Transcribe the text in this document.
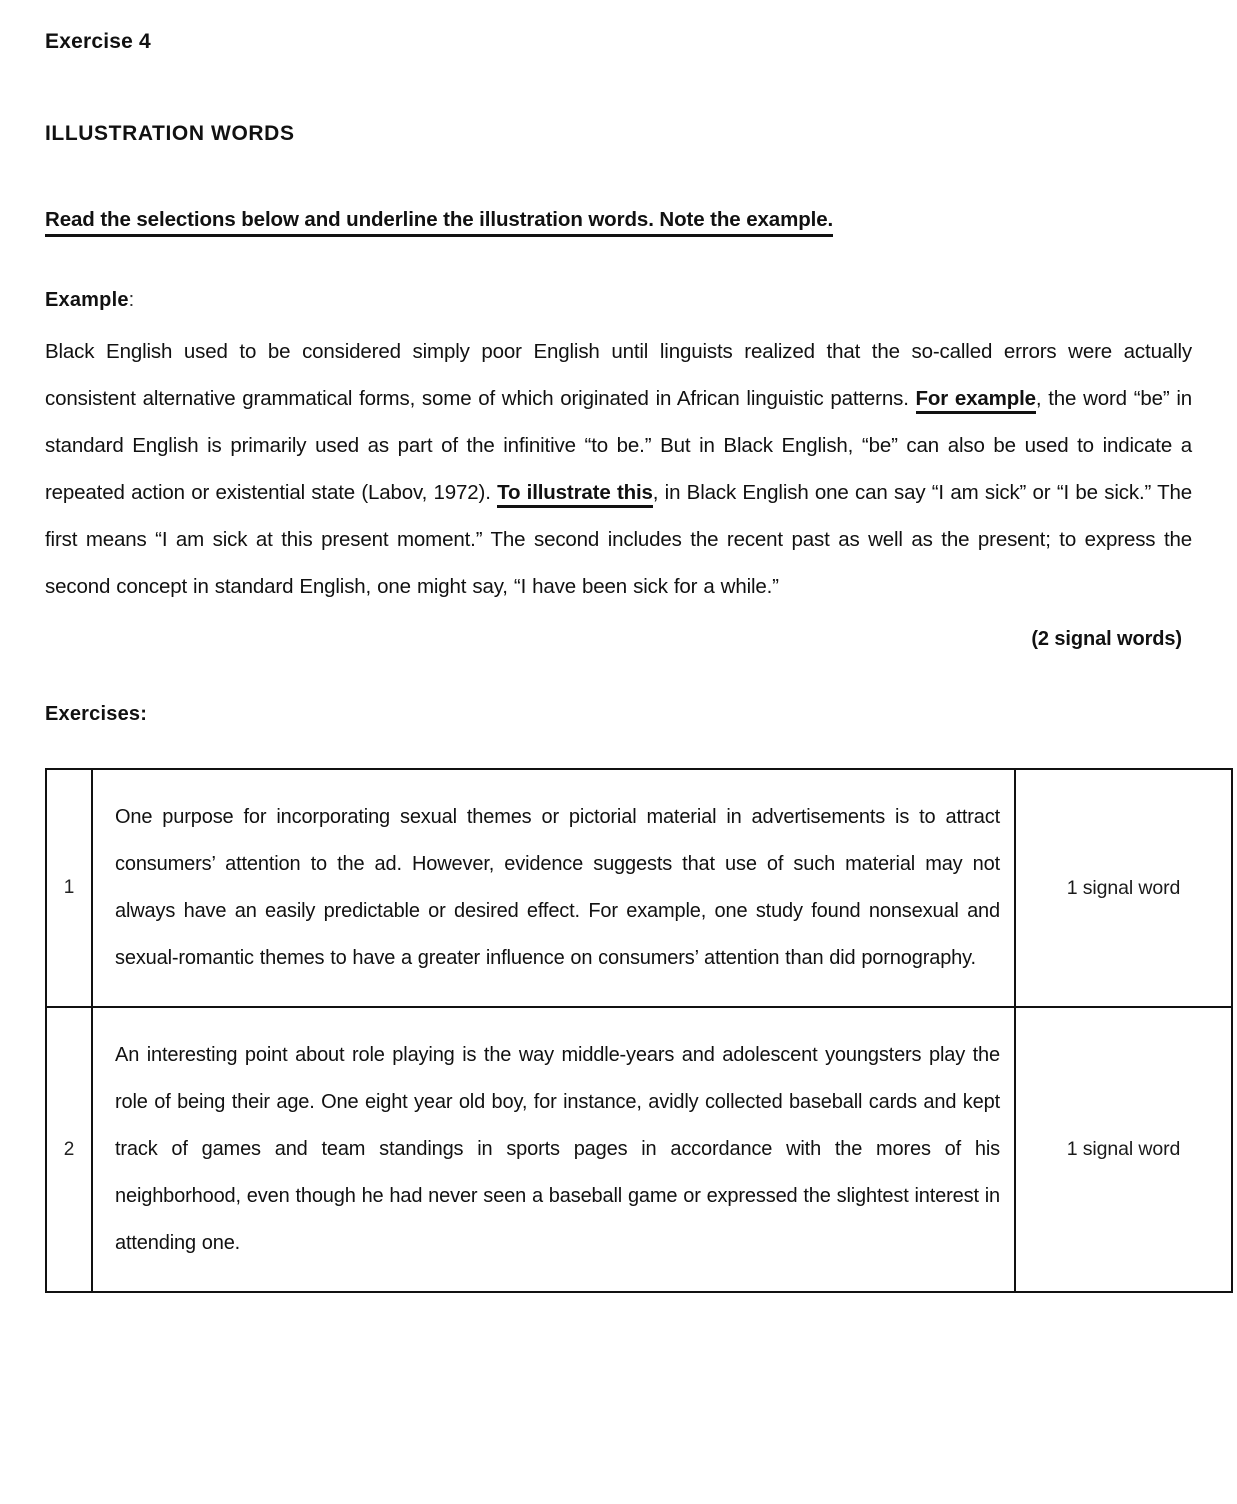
Exercise 4
ILLUSTRATION WORDS
Read the selections below and underline the illustration words. Note the example.
Example:

Black English used to be considered simply poor English until linguists realized that the so-called errors were actually consistent alternative grammatical forms, some of which originated in African linguistic patterns. For example, the word “be” in standard English is primarily used as part of the infinitive “to be.” But in Black English, “be” can also be used to indicate a repeated action or existential state (Labov, 1972). To illustrate this, in Black English one can say “I am sick” or “I be sick.” The first means “I am sick at this present moment.” The second includes the recent past as well as the present; to express the second concept in standard English, one might say, “I have been sick for a while.”

(2 signal words)
Exercises:
1	One purpose for incorporating sexual themes or pictorial material in advertisements is to attract consumers’ attention to the ad. However, evidence suggests that use of such material may not always have an easily predictable or desired effect. For example, one study found nonsexual and sexual-romantic themes to have a greater influence on consumers’ attention than did pornography.	1 signal word
2	An interesting point about role playing is the way middle-years and adolescent youngsters play the role of being their age. One eight year old boy, for instance, avidly collected baseball cards and kept track of games and team standings in sports pages in accordance with the mores of his neighborhood, even though he had never seen a baseball game or expressed the slightest interest in attending one.	1 signal word
